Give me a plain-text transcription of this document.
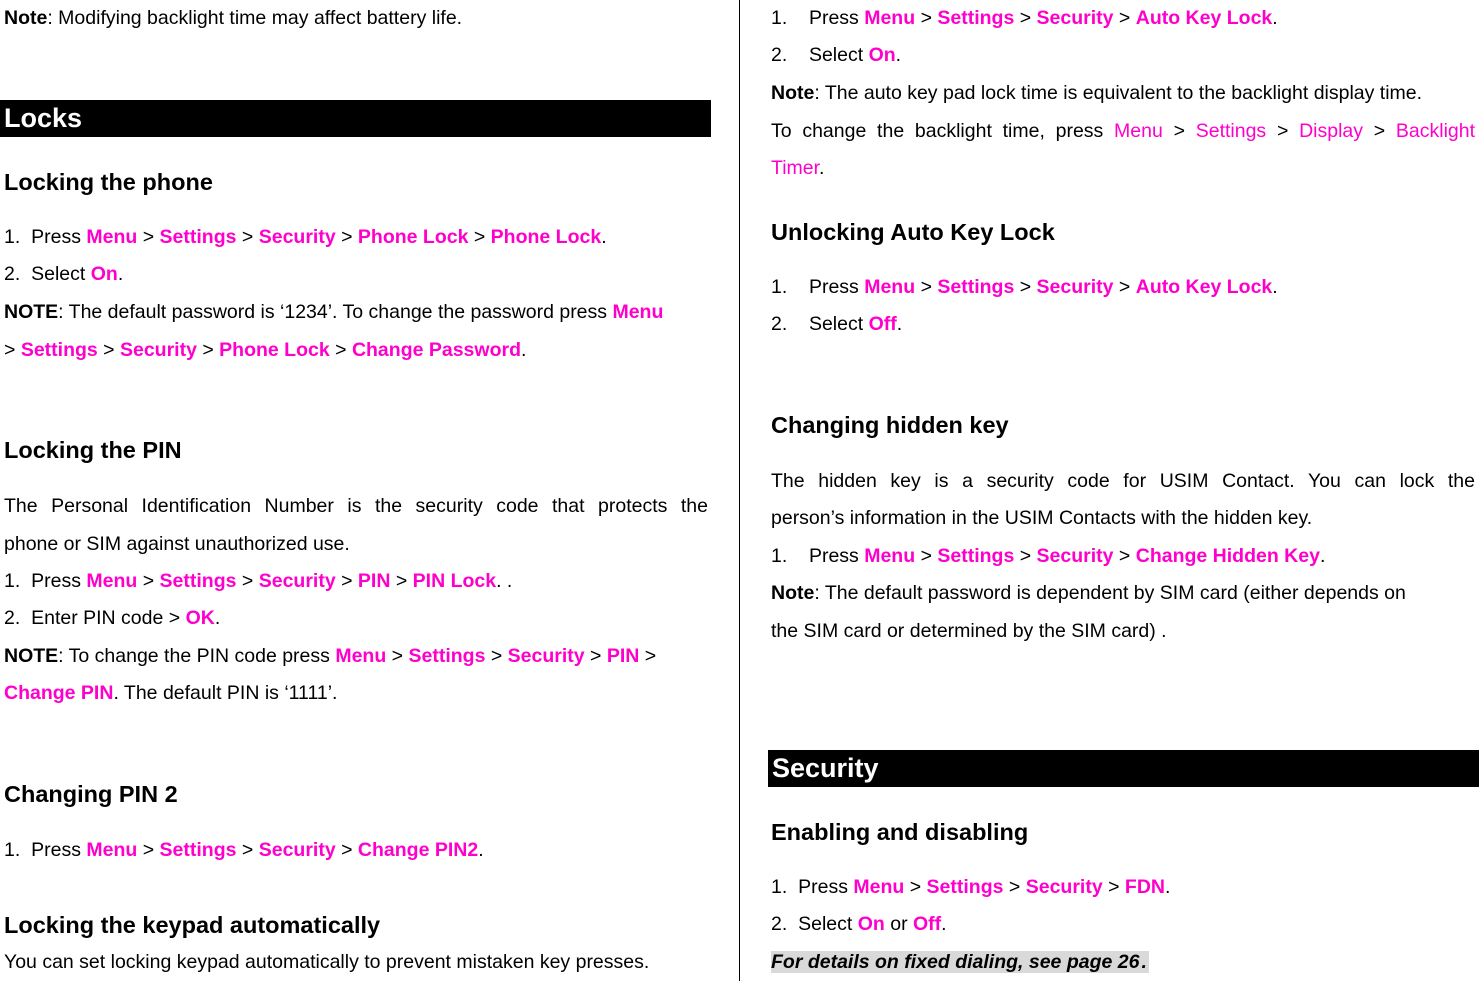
Note: Modifying backlight time may affect battery life.
Locks
Locking the phone
1. Press Menu > Settings > Security > Phone Lock > Phone Lock.
2. Select On.
NOTE: The default password is ‘1234’. To change the password press Menu
> Settings > Security > Phone Lock > Change Password.
Locking the PIN
The Personal Identification Number is the security code that protects the
phone or SIM against unauthorized use.
1. Press Menu > Settings > Security > PIN > PIN Lock. .
2. Enter PIN code > OK.
NOTE: To change the PIN code press Menu > Settings > Security > PIN >
Change PIN. The default PIN is ‘1111’.
Changing PIN 2
1. Press Menu > Settings > Security > Change PIN2.
Locking the keypad automatically
You can set locking keypad automatically to prevent mistaken key presses.
1. Press Menu > Settings > Security > Auto Key Lock.
2. Select On.
Note: The auto key pad lock time is equivalent to the backlight display time.
To change the backlight time, press Menu > Settings > Display > Backlight
Timer.
Unlocking Auto Key Lock
1. Press Menu > Settings > Security > Auto Key Lock.
2. Select Off.
Changing hidden key
The hidden key is a security code for USIM Contact. You can lock the
person’s information in the USIM Contacts with the hidden key.
1. Press Menu > Settings > Security > Change Hidden Key.
Note: The default password is dependent by SIM card (either depends on
the SIM card or determined by the SIM card) .
Security
Enabling and disabling
1. Press Menu > Settings > Security > FDN.
2. Select On or Off.
For details on fixed dialing, see page 26 .
